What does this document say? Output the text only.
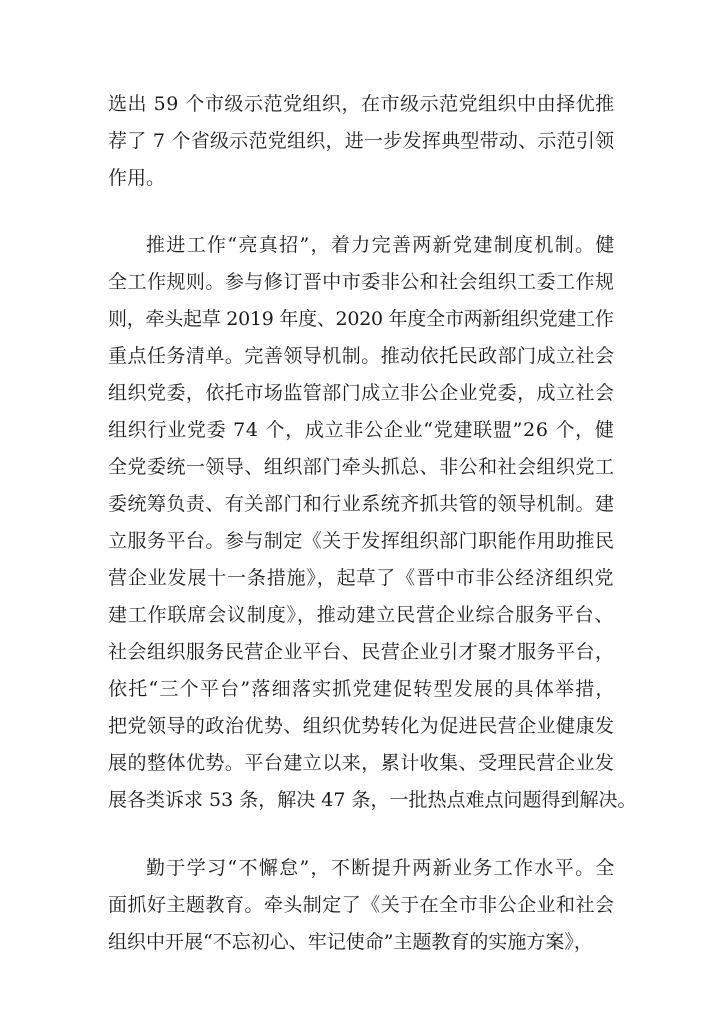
选出 59 个市级示范党组织，在市级示范党组织中由择优推
荐了 7 个省级示范党组织，进一步发挥典型带动、示范引领
作用。
推进工作“亮真招”，着力完善两新党建制度机制。健
全工作规则。参与修订晋中市委非公和社会组织工委工作规
则，牵头起草 2019 年度、2020 年度全市两新组织党建工作
重点任务清单。完善领导机制。推动依托民政部门成立社会
组织党委，依托市场监管部门成立非公企业党委，成立社会
组织行业党委 74 个，成立非公企业“党建联盟”26 个，健
全党委统一领导、组织部门牵头抓总、非公和社会组织党工
委统筹负责、有关部门和行业系统齐抓共管的领导机制。建
立服务平台。参与制定《关于发挥组织部门职能作用助推民
营企业发展十一条措施》，起草了《晋中市非公经济组织党
建工作联席会议制度》，推动建立民营企业综合服务平台、
社会组织服务民营企业平台、民营企业引才聚才服务平台，
依托“三个平台”落细落实抓党建促转型发展的具体举措，
把党领导的政治优势、组织优势转化为促进民营企业健康发
展的整体优势。平台建立以来，累计收集、受理民营企业发
展各类诉求 53 条，解决 47 条，一批热点难点问题得到解决。
勤于学习“不懈怠”，不断提升两新业务工作水平。全
面抓好主题教育。牵头制定了《关于在全市非公企业和社会
组织中开展“不忘初心、牢记使命”主题教育的实施方案》，
